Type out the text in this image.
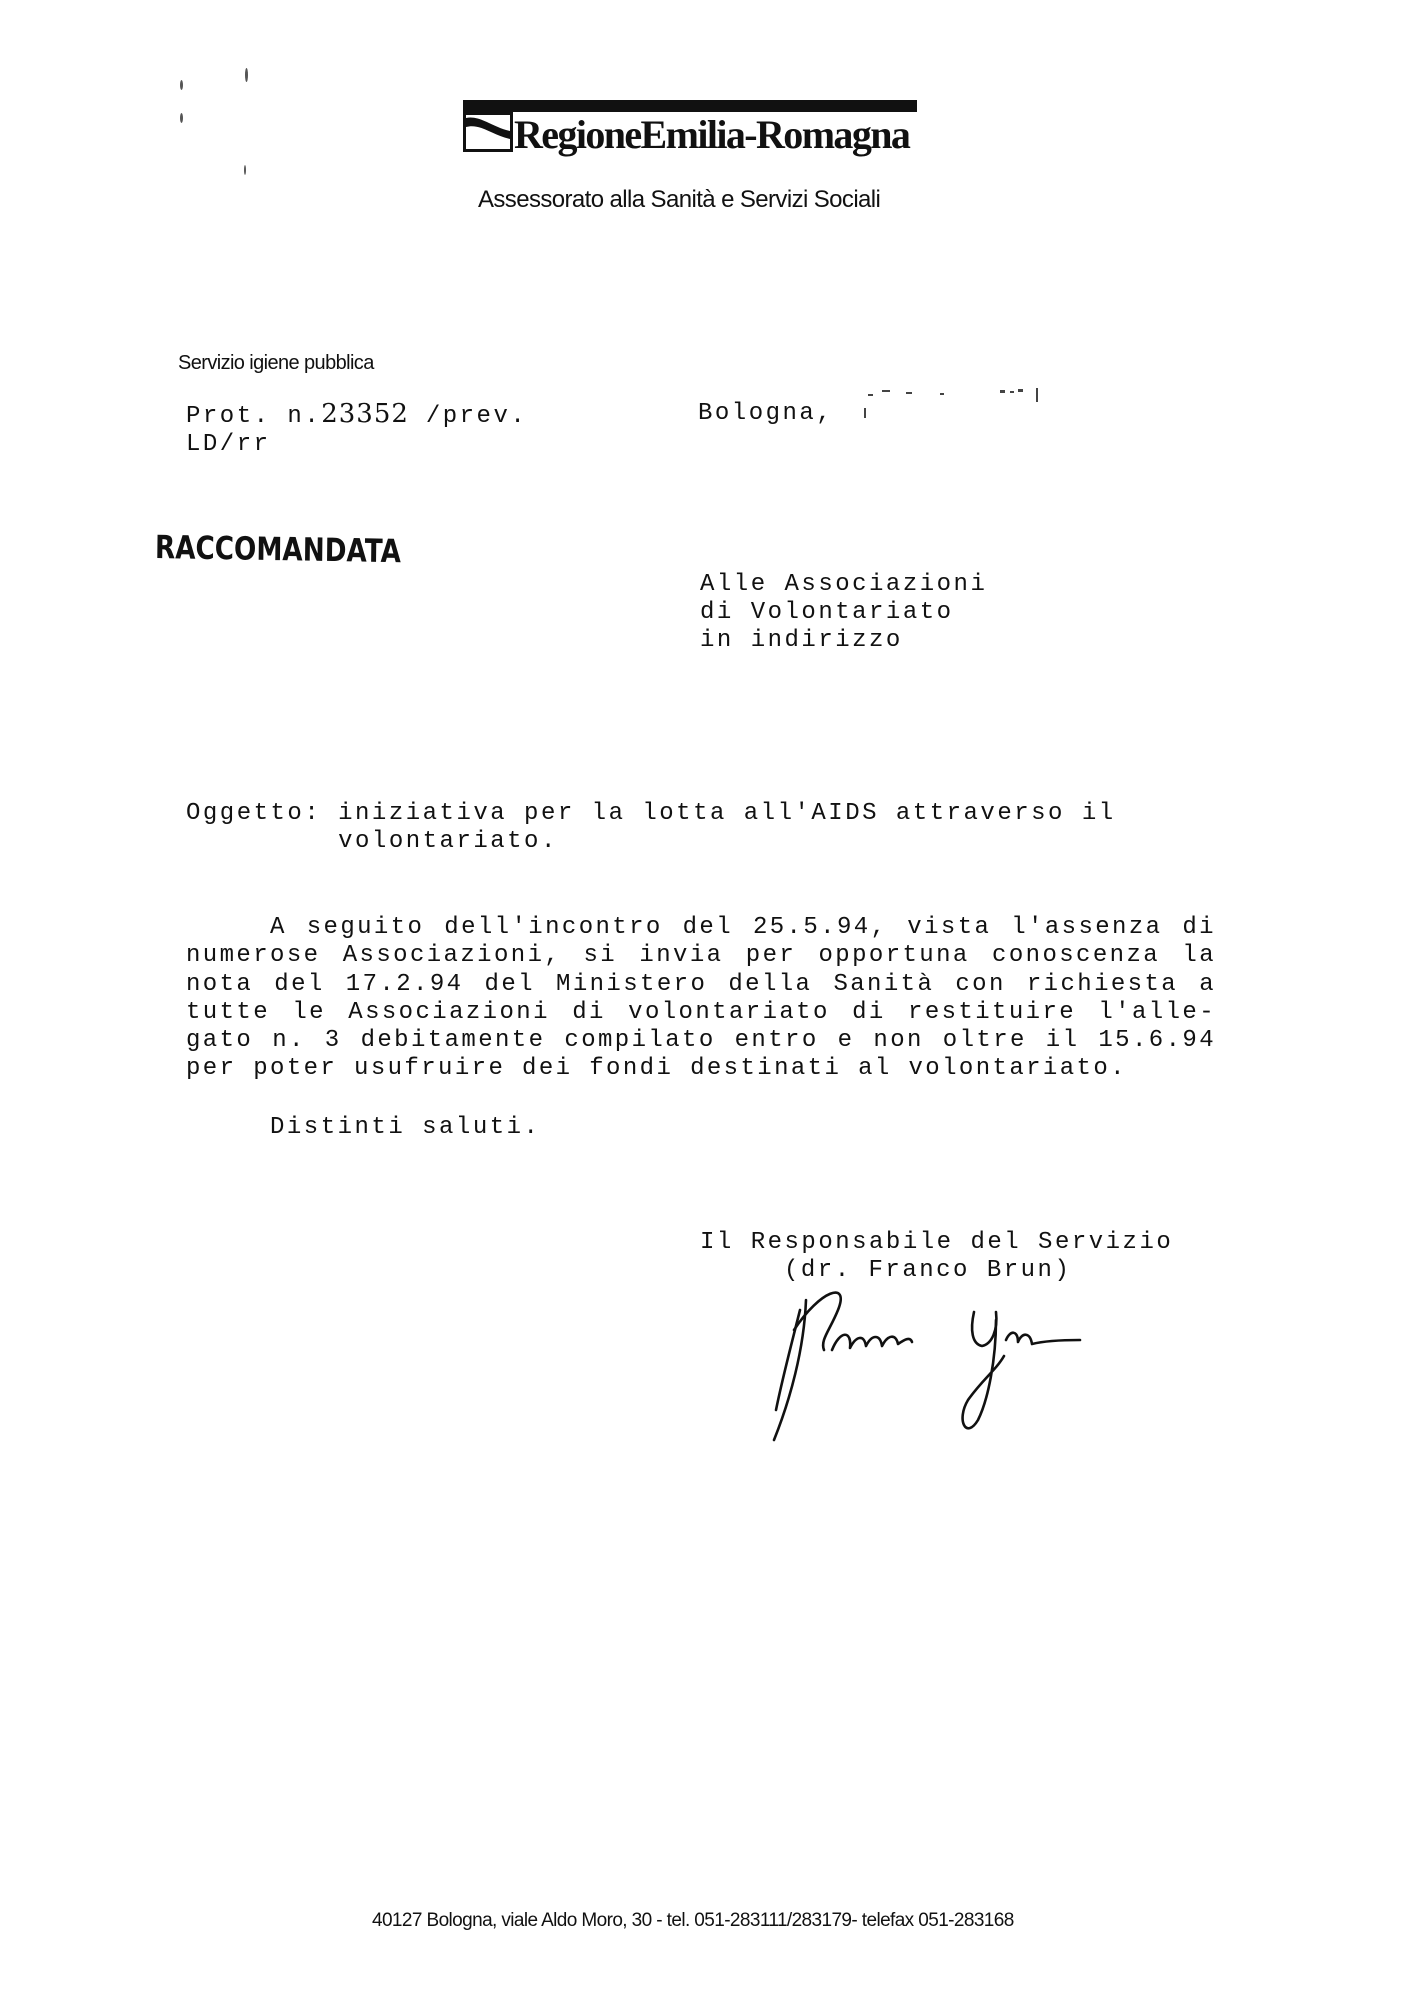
RegioneEmilia-Romagna
Assessorato alla Sanità e Servizi Sociali
Servizio igiene pubblica
Prot. n.23352 /prev.
LD/rr
Bologna,
RACCOMANDATA
Alle Associazioni
di Volontariato
in indirizzo
Oggetto: iniziativa per la lotta all'AIDS attraverso il
volontariato.
A seguito dell'incontro del 25.5.94, vista l'assenza di
numerose Associazioni, si invia per opportuna conoscenza la
nota del 17.2.94 del Ministero della Sanità con richiesta a
tutte le Associazioni di volontariato di restituire l'alle-
gato n. 3 debitamente compilato entro e non oltre il 15.6.94
per poter usufruire dei fondi destinati al volontariato.
Distinti saluti.
Il Responsabile del Servizio
(dr. Franco Brun)
40127 Bologna, viale Aldo Moro, 30 - tel. 051-283111/283179- telefax 051-283168
